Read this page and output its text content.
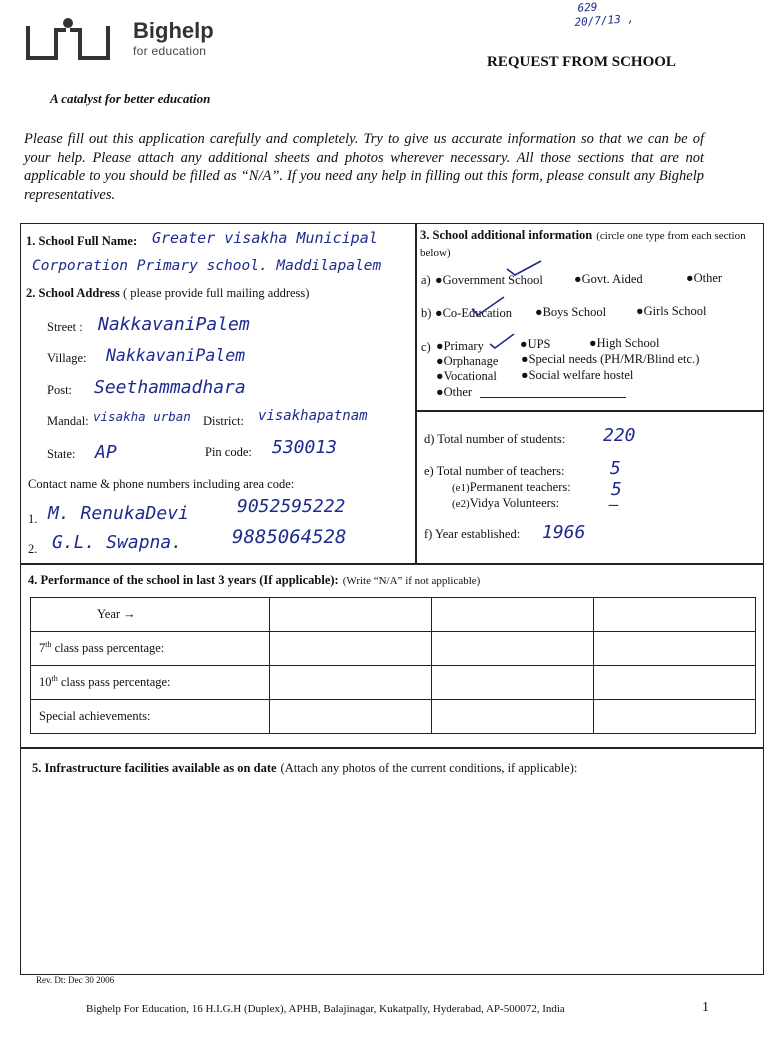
Bighelp
for education
A catalyst for better education
REQUEST FROM SCHOOL
629
20/7/13 ,
Please fill out this application carefully and completely. Try to give us accurate information so that we can be of your help. Please attach any additional sheets and photos wherever necessary. All those sections that are not applicable to you should be filled as “N/A”. If you need any help in filling out this form, please consult any Bighelp representatives.
1. School Full Name: Greater visakha Municipal
Corporation Primary school. Maddilapalem
2. School Address ( please provide full mailing address)
Street : NakkavaniPalem
Village: NakkavaniPalem
Post: Seethammadhara
Mandal: visakha urban District: visakhapatnam
State: AP	Pin code: 530013
Contact name & phone numbers including area code:
1. M. RenukaDevi	9052595222
2. G.L. Swapna.	9885064528
3. School additional information (circle one type from each section below)
a) ●Government School ●Govt. Aided	●Other
b) ●Co-Education ●Boys School ●Girls School
c) ●Primary	●UPS	●High School
●Orphanage ●Special needs (PH/MR/Blind etc.)
●Vocational ●Social welfare hostel
●Other
d) Total number of students: 220
e) Total number of teachers:	5
(e1)Permanent teachers: 5
(e2)Vidya Volunteers:	–
f) Year established: 1966
4. Performance of the school in last 3 years (If applicable): (Write “N/A” if not applicable)
Year →			
7th class pass percentage:			
10th class pass percentage:			
Special achievements:			
5. Infrastructure facilities available as on date (Attach any photos of the current conditions, if applicable):
Rev. Dt: Dec 30 2006
Bighelp For Education, 16 H.I.G.H (Duplex), APHB, Balajinagar, Kukatpally, Hyderabad, AP-500072, India	1
